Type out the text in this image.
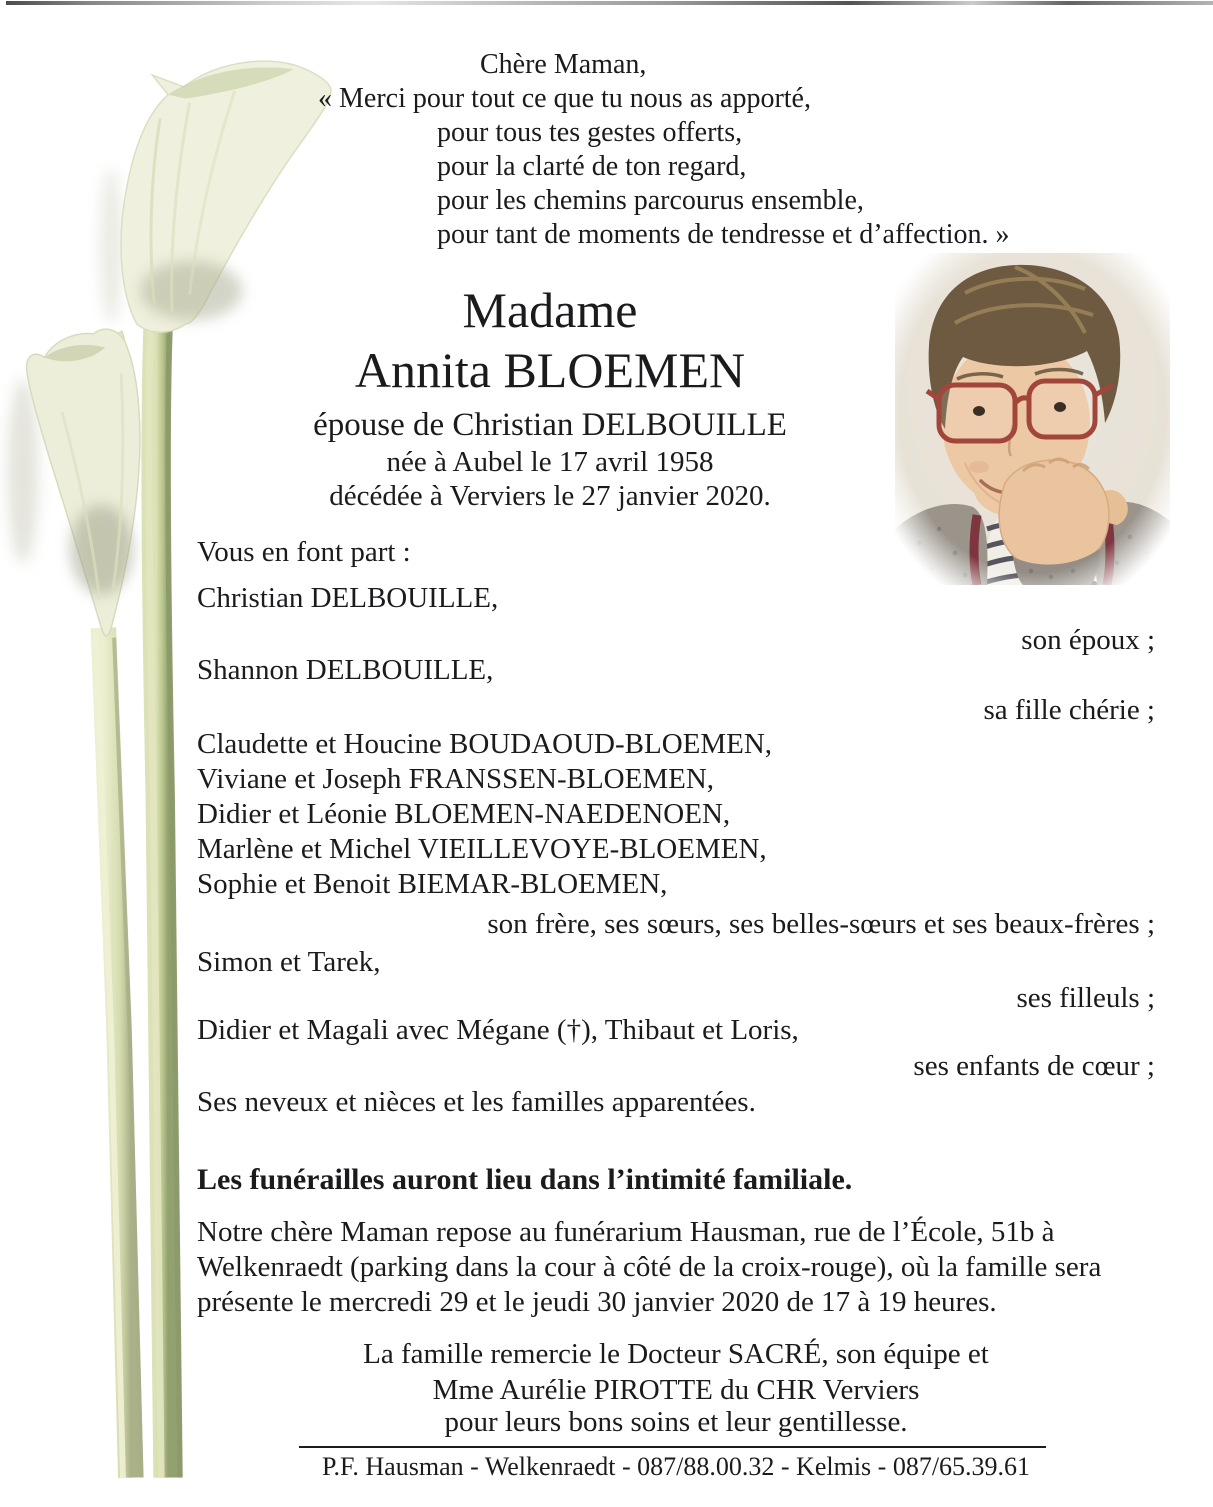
Chère Maman,
« Merci pour tout ce que tu nous as apporté,
pour tous tes gestes offerts,
pour la clarté de ton regard,
pour les chemins parcourus ensemble,
pour tant de moments de tendresse et d’affection. »
Madame
Annita BLOEMEN
épouse de Christian DELBOUILLE
née à Aubel le 17 avril 1958
décédée à Verviers le 27 janvier 2020.
Vous en font part :
Christian DELBOUILLE,
son époux ;
Shannon DELBOUILLE,
sa fille chérie ;
Claudette et Houcine BOUDAOUD-BLOEMEN,
Viviane et Joseph FRANSSEN-BLOEMEN,
Didier et Léonie BLOEMEN-NAEDENOEN,
Marlène et Michel VIEILLEVOYE-BLOEMEN,
Sophie et Benoit BIEMAR-BLOEMEN,
son frère, ses sœurs, ses belles-sœurs et ses beaux-frères ;
Simon et Tarek,
ses filleuls ;
Didier et Magali avec Mégane (†), Thibaut et Loris,
ses enfants de cœur ;
Ses neveux et nièces et les familles apparentées.
Les funérailles auront lieu dans l’intimité familiale.
Notre chère Maman repose au funérarium Hausman, rue de l’École, 51b à
Welkenraedt (parking dans la cour à côté de la croix-rouge), où la famille sera
présente le mercredi 29 et le jeudi 30 janvier 2020 de 17 à 19 heures.
La famille remercie le Docteur SACRÉ, son équipe et
Mme Aurélie PIROTTE du CHR Verviers
pour leurs bons soins et leur gentillesse.
P.F. Hausman - Welkenraedt - 087/88.00.32 - Kelmis - 087/65.39.61
